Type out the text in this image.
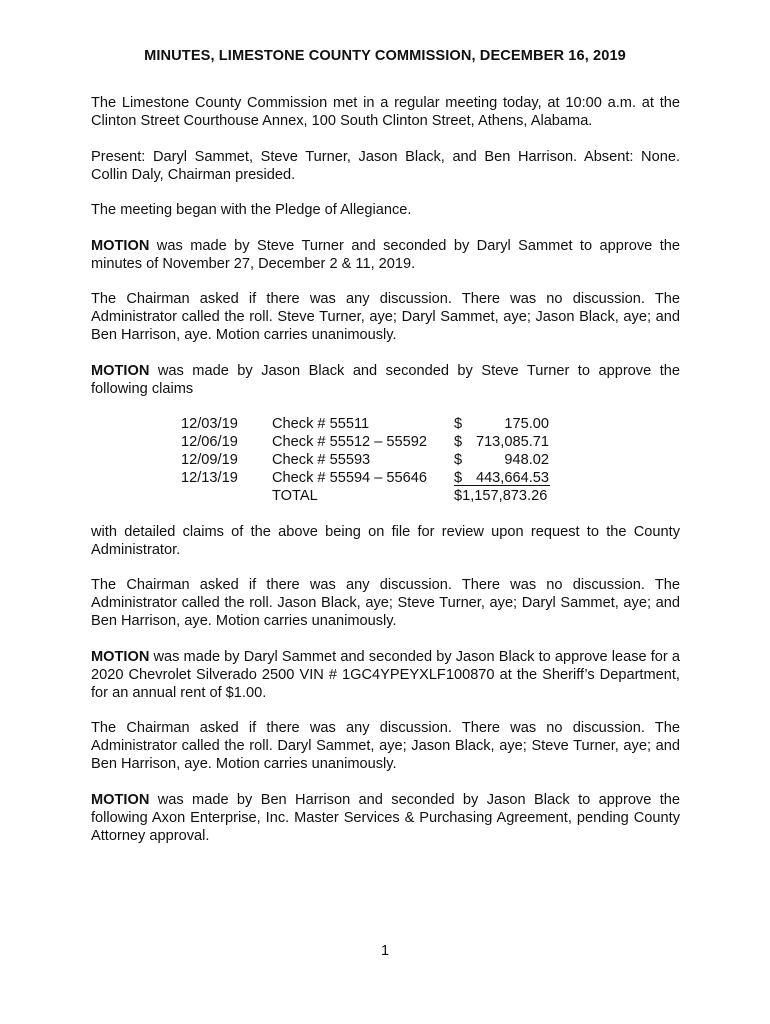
MINUTES, LIMESTONE COUNTY COMMISSION, DECEMBER 16, 2019

The Limestone County Commission met in a regular meeting today, at 10:00 a.m. at the Clinton Street Courthouse Annex, 100 South Clinton Street, Athens, Alabama.

Present: Daryl Sammet, Steve Turner, Jason Black, and Ben Harrison. Absent: None. Collin Daly, Chairman presided.

The meeting began with the Pledge of Allegiance.

MOTION was made by Steve Turner and seconded by Daryl Sammet to approve the minutes of November 27, December 2 & 11, 2019.

The Chairman asked if there was any discussion. There was no discussion. The Administrator called the roll. Steve Turner, aye; Daryl Sammet, aye; Jason Black, aye; and Ben Harrison, aye. Motion carries unanimously.

MOTION was made by Jason Black and seconded by Steve Turner to approve the following claims

12/03/19 Check # 55511	$	175.00
12/06/19 Check # 55512 – 55592 $ 713,085.71
12/09/19 Check # 55593	$	948.02
12/13/19 Check # 55594 – 55646 $ 443,664.53
TOTAL	$1,157,873.26

with detailed claims of the above being on file for review upon request to the County Administrator.

The Chairman asked if there was any discussion. There was no discussion. The Administrator called the roll. Jason Black, aye; Steve Turner, aye; Daryl Sammet, aye; and Ben Harrison, aye. Motion carries unanimously.

MOTION was made by Daryl Sammet and seconded by Jason Black to approve lease for a 2020 Chevrolet Silverado 2500 VIN # 1GC4YPEYXLF100870 at the Sheriff’s Department, for an annual rent of $1.00.

The Chairman asked if there was any discussion. There was no discussion. The Administrator called the roll. Daryl Sammet, aye; Jason Black, aye; Steve Turner, aye; and Ben Harrison, aye. Motion carries unanimously.

MOTION was made by Ben Harrison and seconded by Jason Black to approve the following Axon Enterprise, Inc. Master Services & Purchasing Agreement, pending County Attorney approval.

1
